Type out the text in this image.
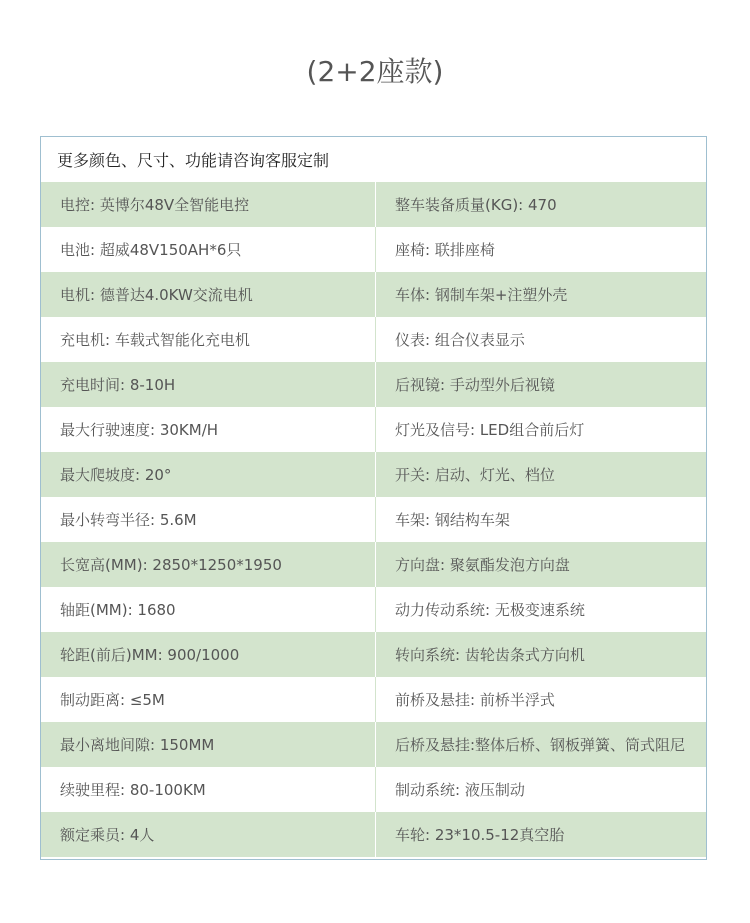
(2+2座款)
更多颜色、尺寸、功能请咨询客服定制
电控: 英博尔48V全智能电控	整车装备质量(KG): 470
电池: 超威48V150AH*6只	座椅: 联排座椅
电机: 德普达4.0KW交流电机	车体: 钢制车架+注塑外壳
充电机: 车载式智能化充电机	仪表: 组合仪表显示
充电时间: 8-10H	后视镜: 手动型外后视镜
最大行驶速度: 30KM/H	灯光及信号: LED组合前后灯
最大爬坡度: 20°	开关: 启动、灯光、档位
最小转弯半径: 5.6M	车架: 钢结构车架
长宽高(MM): 2850*1250*1950	方向盘: 聚氨酯发泡方向盘
轴距(MM): 1680	动力传动系统: 无极变速系统
轮距(前后)MM: 900/1000	转向系统: 齿轮齿条式方向机
制动距离: ≤5M	前桥及悬挂: 前桥半浮式
最小离地间隙: 150MM	后桥及悬挂:整体后桥、钢板弹簧、筒式阻尼
续驶里程: 80-100KM	制动系统: 液压制动
额定乘员: 4人	车轮: 23*10.5-12真空胎
